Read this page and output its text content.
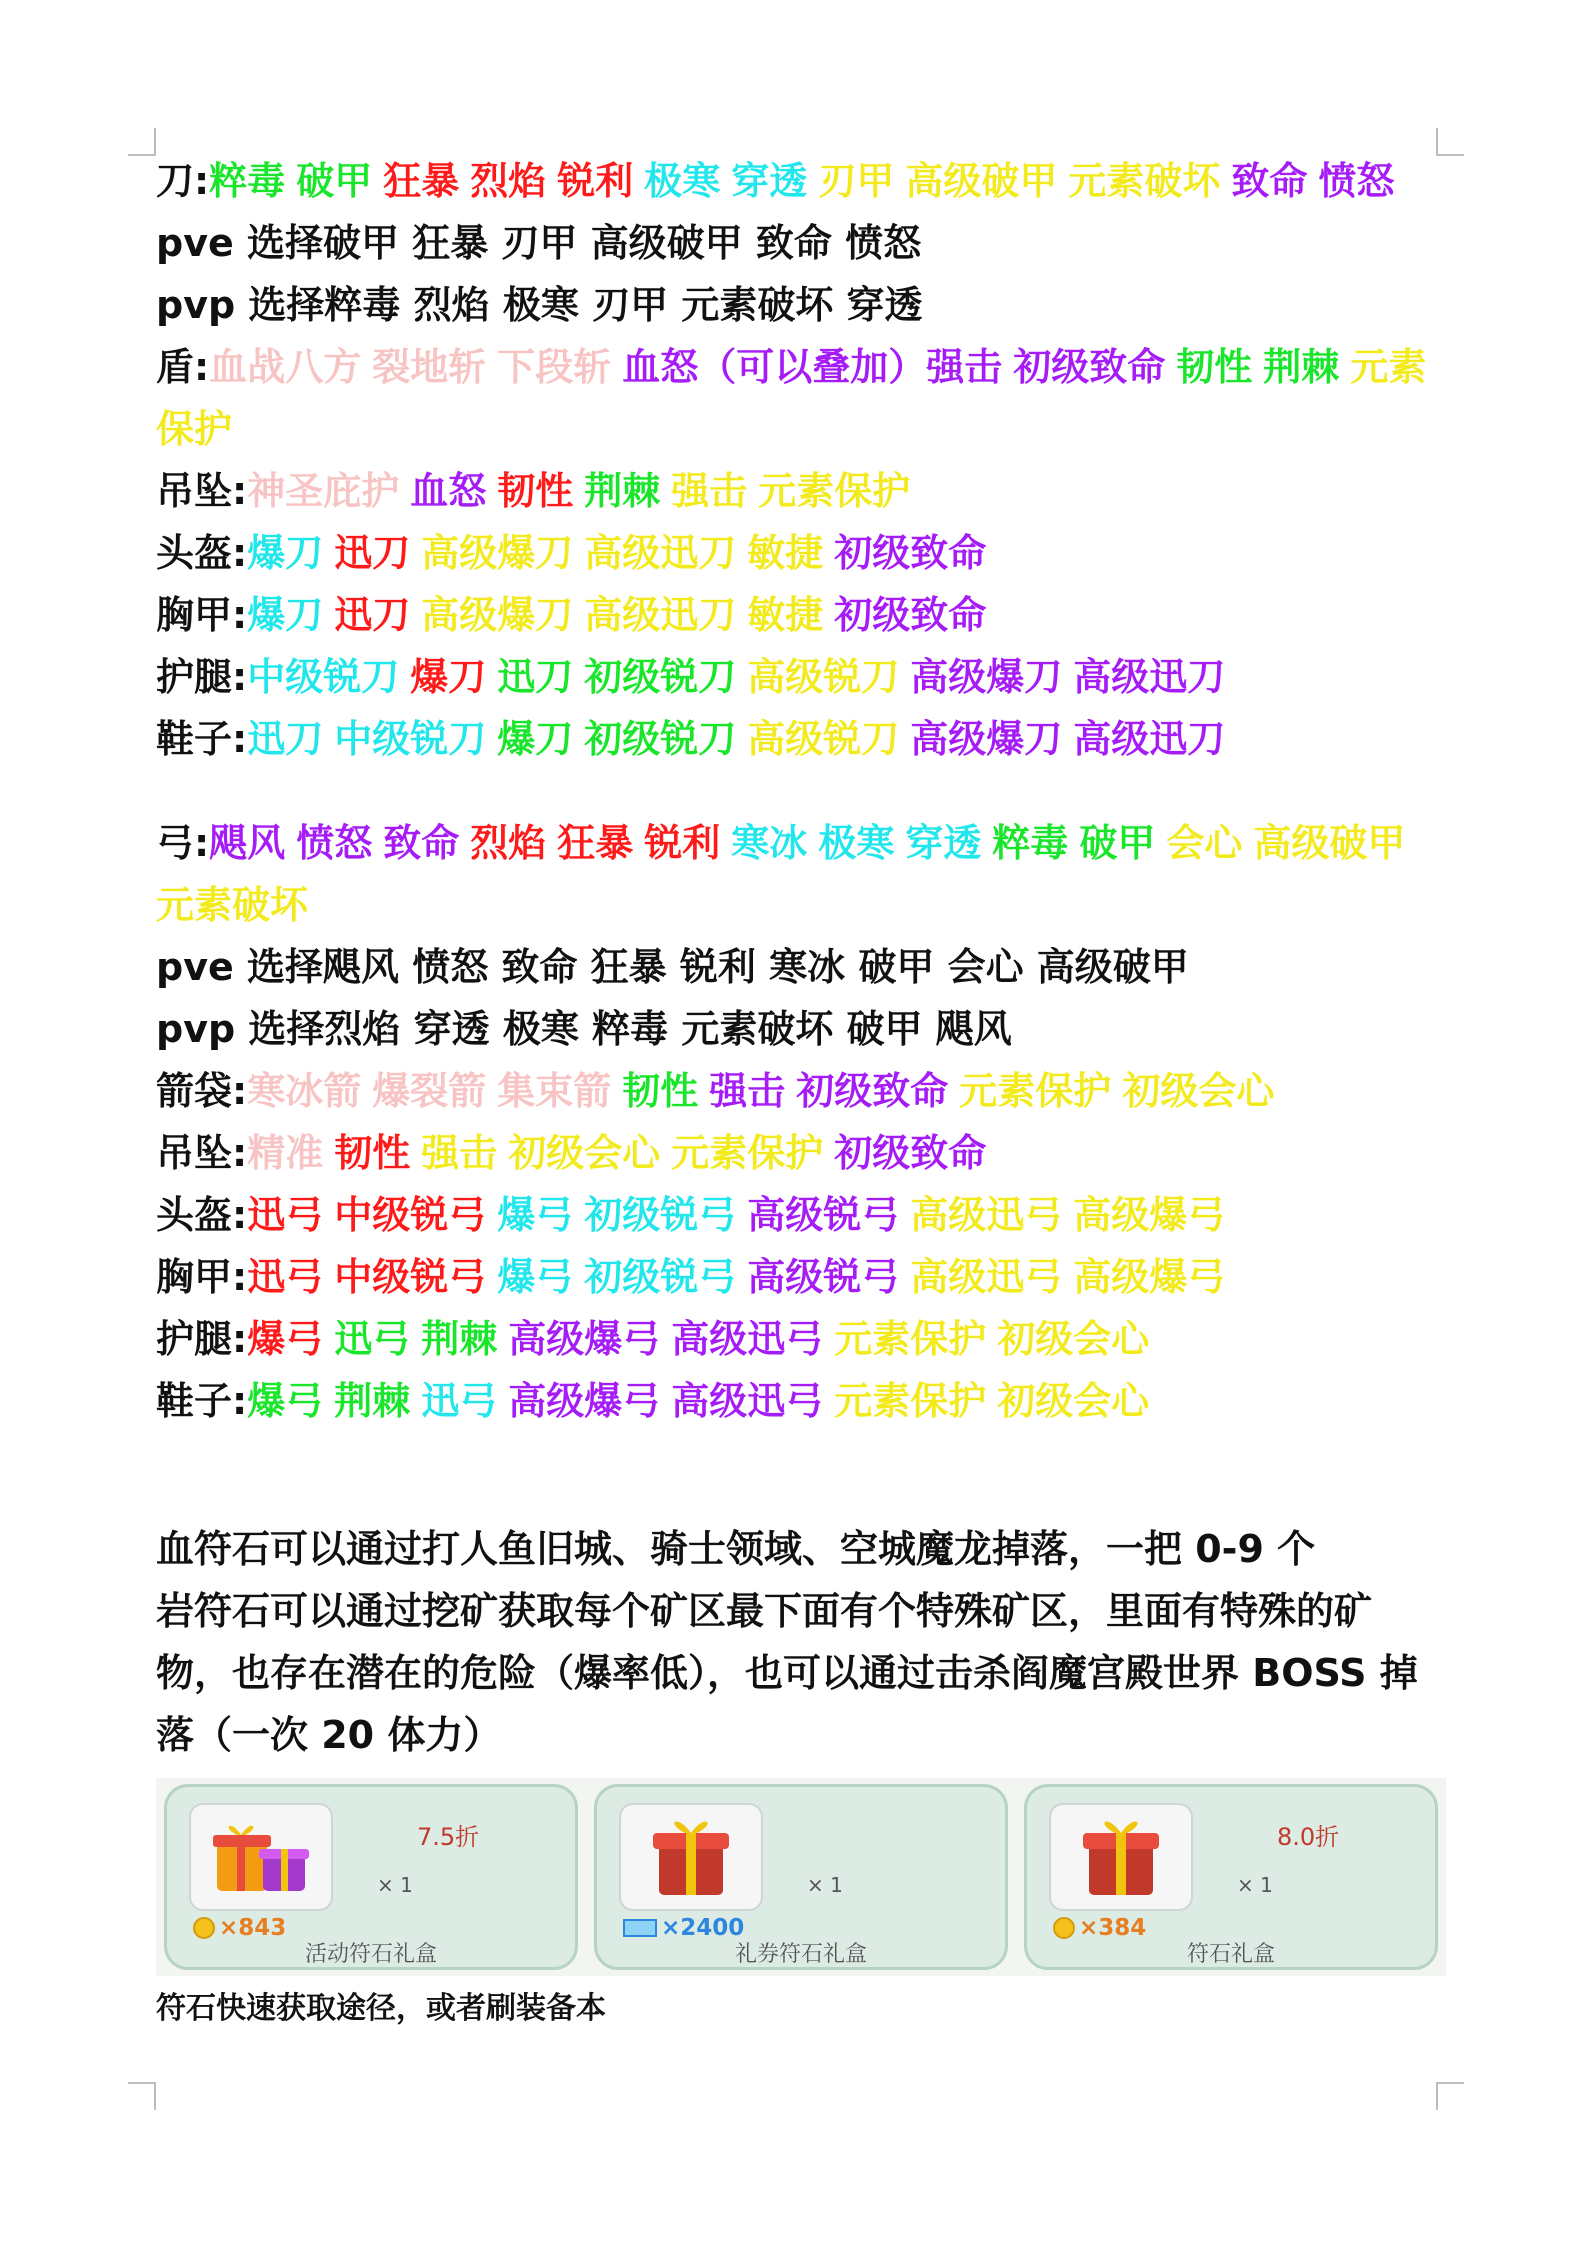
刀:粹毒 破甲 狂暴 烈焰 锐利 极寒 穿透 刃甲 高级破甲 元素破坏 致命 愤怒
pve 选择破甲 狂暴 刃甲 高级破甲 致命 愤怒
pvp 选择粹毒 烈焰 极寒 刃甲 元素破坏 穿透
盾:血战八方 裂地斩 下段斩 血怒（可以叠加）强击 初级致命 韧性 荆棘 元素保护
吊坠:神圣庇护 血怒 韧性 荆棘 强击 元素保护
头盔:爆刀 迅刀 高级爆刀 高级迅刀 敏捷 初级致命
胸甲:爆刀 迅刀 高级爆刀 高级迅刀 敏捷 初级致命
护腿:中级锐刀 爆刀 迅刀 初级锐刀 高级锐刀 高级爆刀 高级迅刀
鞋子:迅刀 中级锐刀 爆刀 初级锐刀 高级锐刀 高级爆刀 高级迅刀
弓:飓风 愤怒 致命 烈焰 狂暴 锐利 寒冰 极寒 穿透 粹毒 破甲 会心 高级破甲元素破坏
pve 选择飓风 愤怒 致命 狂暴 锐利 寒冰 破甲 会心 高级破甲
pvp 选择烈焰 穿透 极寒 粹毒 元素破坏 破甲 飓风
箭袋:寒冰箭 爆裂箭 集束箭 韧性 强击 初级致命 元素保护 初级会心
吊坠:精准 韧性 强击 初级会心 元素保护 初级致命
头盔:迅弓 中级锐弓 爆弓 初级锐弓 高级锐弓 高级迅弓 高级爆弓
胸甲:迅弓 中级锐弓 爆弓 初级锐弓 高级锐弓 高级迅弓 高级爆弓
护腿:爆弓 迅弓 荆棘 高级爆弓 高级迅弓 元素保护 初级会心
鞋子:爆弓 荆棘 迅弓 高级爆弓 高级迅弓 元素保护 初级会心
血符石可以通过打人鱼旧城、骑士领域、空城魔龙掉落，一把 0-9 个
岩符石可以通过挖矿获取每个矿区最下面有个特殊矿区，里面有特殊的矿物，也存在潜在的危险（爆率低），也可以通过击杀阎魔宫殿世界 BOSS 掉落（一次 20 体力）
7.5折
× 1
×843
活动符石礼盒
× 1
×2400
礼券符石礼盒
8.0折
× 1
×384
符石礼盒
符石快速获取途径，或者刷装备本
